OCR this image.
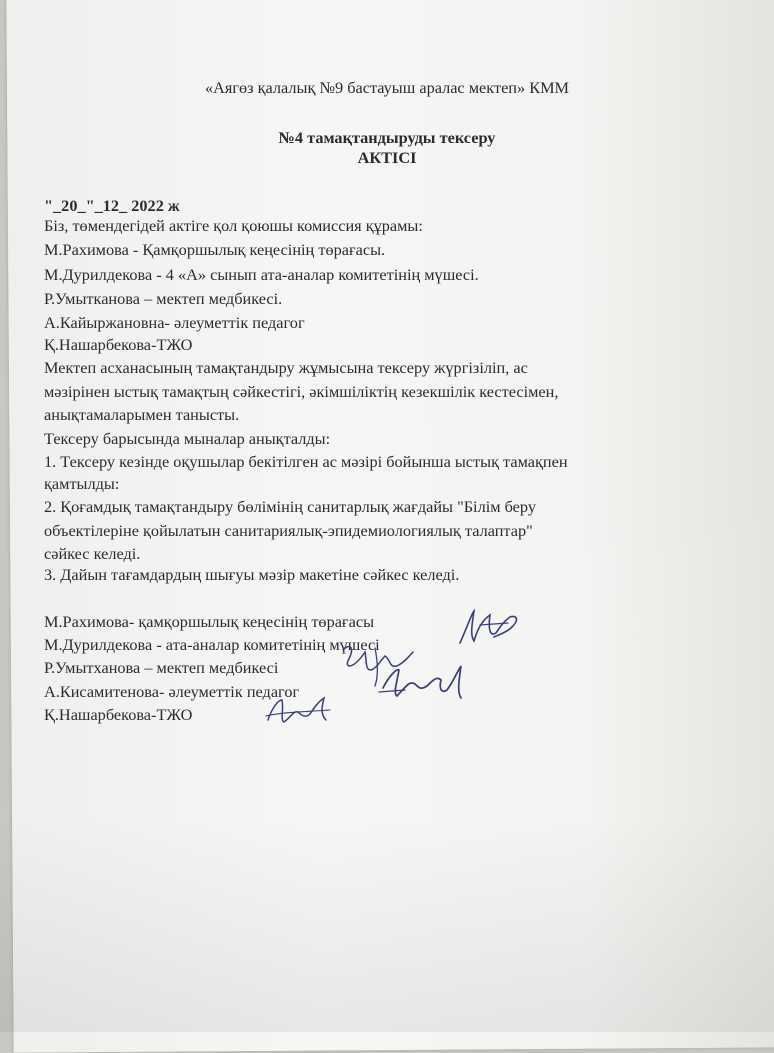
«Аягөз қалалық №9 бастауыш аралас мектеп» КММ
№4 тамақтандыруды тексеру
АКТІСІ
"_20_"_12_ 2022 ж
Біз, төмендегідей актіге қол қоюшы комиссия құрамы:
М.Рахимова - Қамқоршылық кеңесінің төрағасы.
М.Дурилдекова - 4 «А» сынып ата-аналар комитетінің мүшесі.
Р.Умытканова – мектеп медбикесі.
А.Кайыржановна- әлеуметтік педагог
Қ.Нашарбекова-ТЖО
Мектеп асханасының тамақтандыру жұмысына тексеру жүргізіліп, ас
мәзірінен ыстық тамақтың сәйкестігі, әкімшіліктің кезекшілік кестесімен,
анықтамаларымен танысты.
Тексеру барысында мыналар анықталды:
1. Тексеру кезінде оқушылар бекітілген ас мәзірі бойынша ыстық тамақпен
қамтылды:
2. Қоғамдық тамақтандыру бөлімінің санитарлық жағдайы "Білім беру
объектілеріне қойылатын санитариялық-эпидемиологиялық талаптар"
сәйкес келеді.
3. Дайын тағамдардың шығуы мәзір макетіне сәйкес келеді.
М.Рахимова- қамқоршылық кеңесінің төрағасы
М.Дурилдекова - ата-аналар комитетінің мүшесі
Р.Умытханова – мектеп медбикесі
А.Кисамитенова- әлеуметтік педагог
Қ.Нашарбекова-ТЖО
